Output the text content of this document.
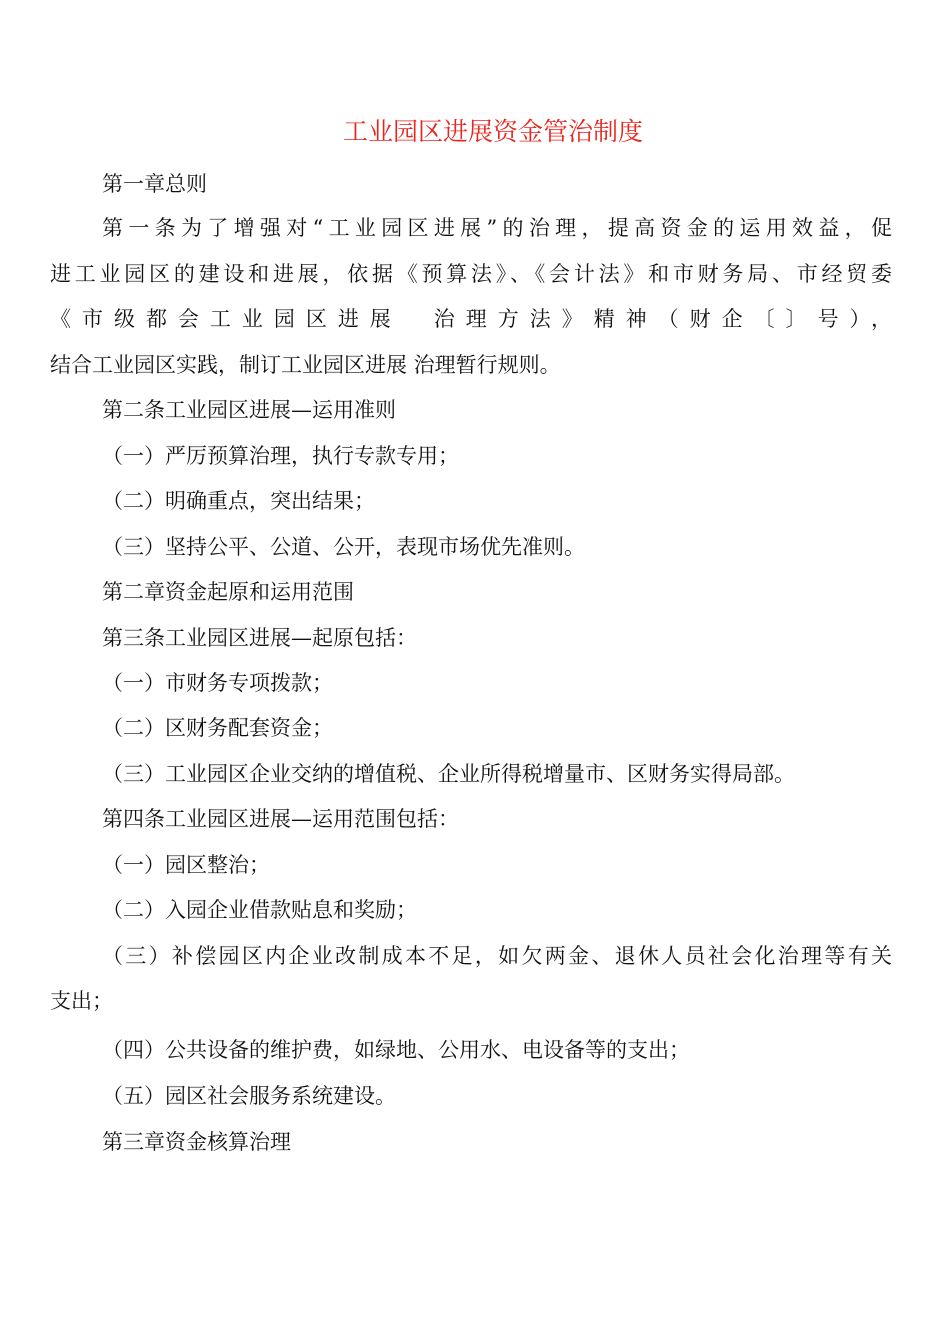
工业园区进展资金管治制度
第一章总则
第一条为了增强对“工业园区进展”的治理，提高资金的运用效益，促
进工业园区的建设和进展，依据《预算法》、《会计法》和市财务局、市经贸委
《市级都会工业园区进展　治理方法》精神（财企〔〕号），
结合工业园区实践，制订工业园区进展 治理暂行规则。
第二条工业园区进展—运用准则
（一）严厉预算治理，执行专款专用；
（二）明确重点，突出结果；
（三）坚持公平、公道、公开，表现市场优先准则。
第二章资金起原和运用范围
第三条工业园区进展—起原包括：
（一）市财务专项拨款；
（二）区财务配套资金；
（三）工业园区企业交纳的增值税、企业所得税增量市、区财务实得局部。
第四条工业园区进展—运用范围包括：
（一）园区整治；
（二）入园企业借款贴息和奖励；
（三）补偿园区内企业改制成本不足，如欠两金、退休人员社会化治理等有关
支出；
（四）公共设备的维护费，如绿地、公用水、电设备等的支出；
（五）园区社会服务系统建设。
第三章资金核算治理
